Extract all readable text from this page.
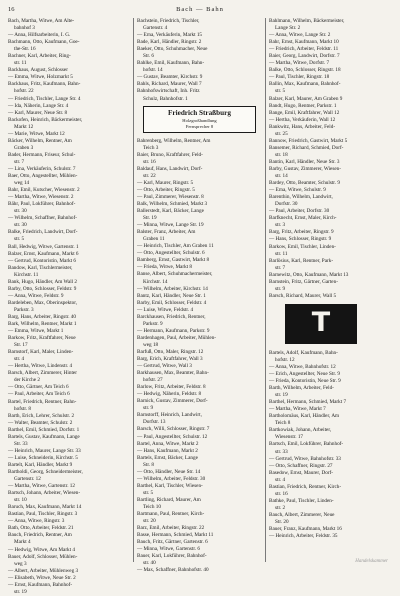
16	Bach — Bahn
Bach, Martha, Witwe, Am Alte-
bahnhof 3
— Anna, Hilfsarbeiterin, I. G.
Bachmann, Otto, Kaufmann, Goe-
the-Str. 16
Bachner, Karl, Arbeiter, Ring-
str. 11
Backhaus, August, Schlosser
— Emma, Witwe, Holzmarkt 5
Backhaus, Fritz, Kaufmann, Bahn-
hofstr. 22
— Friedrich, Tischler, Lange Str. 4
— Ida, Näherin, Lange Str. 4
— Karl, Maurer, Neue Str. 8
Backofen, Heinrich, Bäckermeister,
Markt 12
— Marie, Witwe, Markt 12
Bäcker, Wilhelm, Rentner, Am
Graben 3
Bader, Hermann, Friseur, Schul-
str. 7
— Lina, Verkäuferin, Schulstr. 7
Baer, Otto, Angestellter, Mühlen-
weg 14
Bahr, Emil, Kutscher, Wiesenstr. 2
— Martha, Witwe, Wiesenstr. 2
Bähr, Paul, Lokführer, Bahnhof-
str. 30
— Wilhelm, Schaffner, Bahnhof-
str. 30
Balke, Friedrich, Landwirt, Dorf-
str. 5
Ball, Hedwig, Witwe, Gartenstr. 1
Balzer, Ernst, Kaufmann, Markt 6
— Gertrud, Kontoristin, Markt 6
Bandow, Karl, Tischlermeister,
Kirchstr. 11
Bank, Hugo, Händler, Am Wall 2
Barby, Otto, Schlosser, Feldstr. 9
— Anna, Witwe, Feldstr. 9
Bardeleben, Max, Oberinspektor,
Parkstr. 3
Barg, Hans, Arbeiter, Ringstr. 40
Bark, Wilhelm, Rentner, Markt 1
— Emma, Witwe, Markt 1
Barkow, Fritz, Kraftfahrer, Neue
Str. 17
Barnstorf, Karl, Maler, Linden-
str. 4
— Hertha, Witwe, Lindenstr. 4
Barsch, Albert, Zimmerer, Hinter
der Kirche 2
— Otto, Gärtner, Am Teich 6
— Paul, Arbeiter, Am Teich 6
Bartel, Friedrich, Rentner, Bahn-
hofstr. 8
Barth, Erich, Lehrer, Schulstr. 2
— Walter, Beamter, Schulstr. 2
Barthel, Emil, Schmied, Dorfstr. 1
Bartels, Gustav, Kaufmann, Lange
Str. 33
— Heinrich, Maurer, Lange Str. 33
— Luise, Schneiderin, Kirchstr. 5
Bartelt, Karl, Händler, Markt 9
Bartholdi, Georg, Schneidermeister,
Gartenstr. 12
— Martha, Witwe, Gartenstr. 12
Bartsch, Johann, Arbeiter, Wiesen-
str. 10
Baruch, Max, Kaufmann, Markt 14
Bastian, Paul, Tischler, Ringstr. 3
— Anna, Witwe, Ringstr. 3
Bath, Otto, Arbeiter, Feldstr. 21
Bauch, Friedrich, Rentner, Am
Markt 4
— Hedwig, Witwe, Am Markt 4
Bauer, Adolf, Schlosser, Mühlen-
weg 3
— Albert, Arbeiter, Mühlenweg 3
— Elisabeth, Witwe, Neue Str. 2
— Ernst, Kaufmann, Bahnhof-
str. 19
Bachstein, Friedrich, Tischler,
Gartenstr. 4
— Erna, Verkäuferin, Markt 15
Bade, Karl, Händler, Ringstr. 2
Baeker, Otto, Schuhmacher, Neue
Str. 6
Bahlke, Emil, Kaufmann, Bahn-
hofstr. 14
— Gustav, Beamter, Kirchstr. 9
Bahls, Richard, Maurer, Wall 7
Bahnhofswirtschaft, Inh. Fritz
Schulz, Bahnhofstr. 1
Friedrich Straßburg
Holzgroßhandlung
Fernsprecher 8
Bahrenberg, Wilhelm, Rentner, Am
Teich 3
Baier, Bruno, Kraftfahrer, Feld-
str. 16
Baldauf, Hans, Landwirt, Dorf-
str. 22
— Karl, Maurer, Ringstr. 5
— Otto, Arbeiter, Ringstr. 5
— Paul, Zimmerer, Wiesenstr. 8
Balk, Wilhelm, Schmied, Markt 3
Ballerstedt, Karl, Bäcker, Lange
Str. 19
— Minna, Witwe, Lange Str. 19
Balster, Franz, Arbeiter, Am
Graben 11
— Heinrich, Tischler, Am Graben 11
— Otto, Angestellter, Schulstr. 6
Bamberg, Ernst, Gastwirt, Markt 8
— Frieda, Witwe, Markt 8
Banse, Albert, Schuhmachermeister,
Kirchstr. 14
— Wilhelm, Arbeiter, Kirchstr. 14
Bantz, Karl, Händler, Neue Str. 1
Barby, Emil, Schlosser, Feldstr. 4
— Luise, Witwe, Feldstr. 4
Barckhausen, Friedrich, Rentner,
Parkstr. 9
— Hermann, Kaufmann, Parkstr. 9
Bardenhagen, Paul, Arbeiter, Mühlen-
weg 18
Barfuß, Otto, Maler, Ringstr. 12
Barg, Erich, Kraftfahrer, Wall 3
— Gertrud, Witwe, Wall 3
Barkhausen, Max, Beamter, Bahn-
hofstr. 27
Barlow, Fritz, Arbeiter, Feldstr. 8
— Hedwig, Näherin, Feldstr. 8
Barnick, Gustav, Zimmerer, Dorf-
str. 9
Barnstorff, Heinrich, Landwirt,
Dorfstr. 13
Barsch, Willi, Schlosser, Ringstr. 7
— Paul, Angestellter, Schulstr. 12
Bartel, Anna, Witwe, Markt 2
— Hans, Kaufmann, Markt 2
Bartels, Ernst, Bäcker, Lange
Str. 8
— Otto, Händler, Neue Str. 14
— Wilhelm, Arbeiter, Feldstr. 30
Barthel, Karl, Tischler, Wiesen-
str. 5
Bartling, Richard, Maurer, Am
Teich 10
Bartmann, Paul, Rentner, Kirch-
str. 20
Barz, Emil, Arbeiter, Ringstr. 22
Basse, Hermann, Schmied, Markt 11
Bauch, Fritz, Gärtner, Gartenstr. 6
— Minna, Witwe, Gartenstr. 6
Bauer, Karl, Lokführer, Bahnhof-
str. 40
— Max, Schaffner, Bahnhofstr. 40
Bahlmann, Wilhelm, Bäckermeister,
Lange Str. 2
— Anna, Witwe, Lange Str. 2
Bahr, Ernst, Kaufmann, Markt 10
— Friedrich, Arbeiter, Feldstr. 11
Baier, Georg, Landwirt, Dorfstr. 7
— Martha, Witwe, Dorfstr. 7
Balke, Otto, Schlosser, Ringstr. 18
— Paul, Tischler, Ringstr. 18
Ballin, Max, Kaufmann, Bahnhof-
str. 5
Balzer, Karl, Maurer, Am Graben 9
Bandt, Hugo, Rentner, Parkstr. 1
Bange, Emil, Kraftfahrer, Wall 12
— Hertha, Verkäuferin, Wall 12
Bankwitz, Hans, Arbeiter, Feld-
str. 25
Bannow, Friedrich, Gastwirt, Markt 5
Bansemer, Richard, Schmied, Dorf-
str. 18
Bantin, Karl, Händler, Neue Str. 3
Barby, Gustav, Zimmerer, Wiesen-
str. 14
Bardey, Otto, Beamter, Schulstr. 9
— Erna, Witwe, Schulstr. 9
Barenthin, Wilhelm, Landwirt,
Dorfstr. 30
— Paul, Arbeiter, Dorfstr. 30
Barfknecht, Ernst, Maler, Kirch-
str. 3
Barg, Fritz, Arbeiter, Ringstr. 9
— Hans, Schlosser, Ringstr. 9
Barkow, Emil, Tischler, Linden-
str. 11
Barlösius, Karl, Rentner, Park-
str. 7
Barnewitz, Otto, Kaufmann, Markt 13
Barnstein, Fritz, Gärtner, Garten-
str. 9
Barsch, Richard, Maurer, Wall 5
T
Bartels, Adolf, Kaufmann, Bahn-
hofstr. 12
— Anna, Witwe, Bahnhofstr. 12
— Erich, Angestellter, Neue Str. 9
— Frieda, Kontoristin, Neue Str. 9
Barth, Wilhelm, Arbeiter, Feld-
str. 19
Barthel, Hermann, Schmied, Markt 7
— Martha, Witwe, Markt 7
Bartholomäus, Karl, Händler, Am
Teich 8
Bartkowiak, Johann, Arbeiter,
Wiesenstr. 17
Bartsch, Emil, Lokführer, Bahnhof-
str. 33
— Gertrud, Witwe, Bahnhofstr. 33
— Otto, Schaffner, Ringstr. 27
Basedow, Ernst, Maurer, Dorf-
str. 4
Bastian, Friedrich, Rentner, Kirch-
str. 16
Bathke, Paul, Tischler, Linden-
str. 2
Bauch, Albert, Zimmerer, Neue
Str. 20
Bauer, Franz, Kaufmann, Markt 16
— Heinrich, Arbeiter, Feldstr. 35
Handelskammer
